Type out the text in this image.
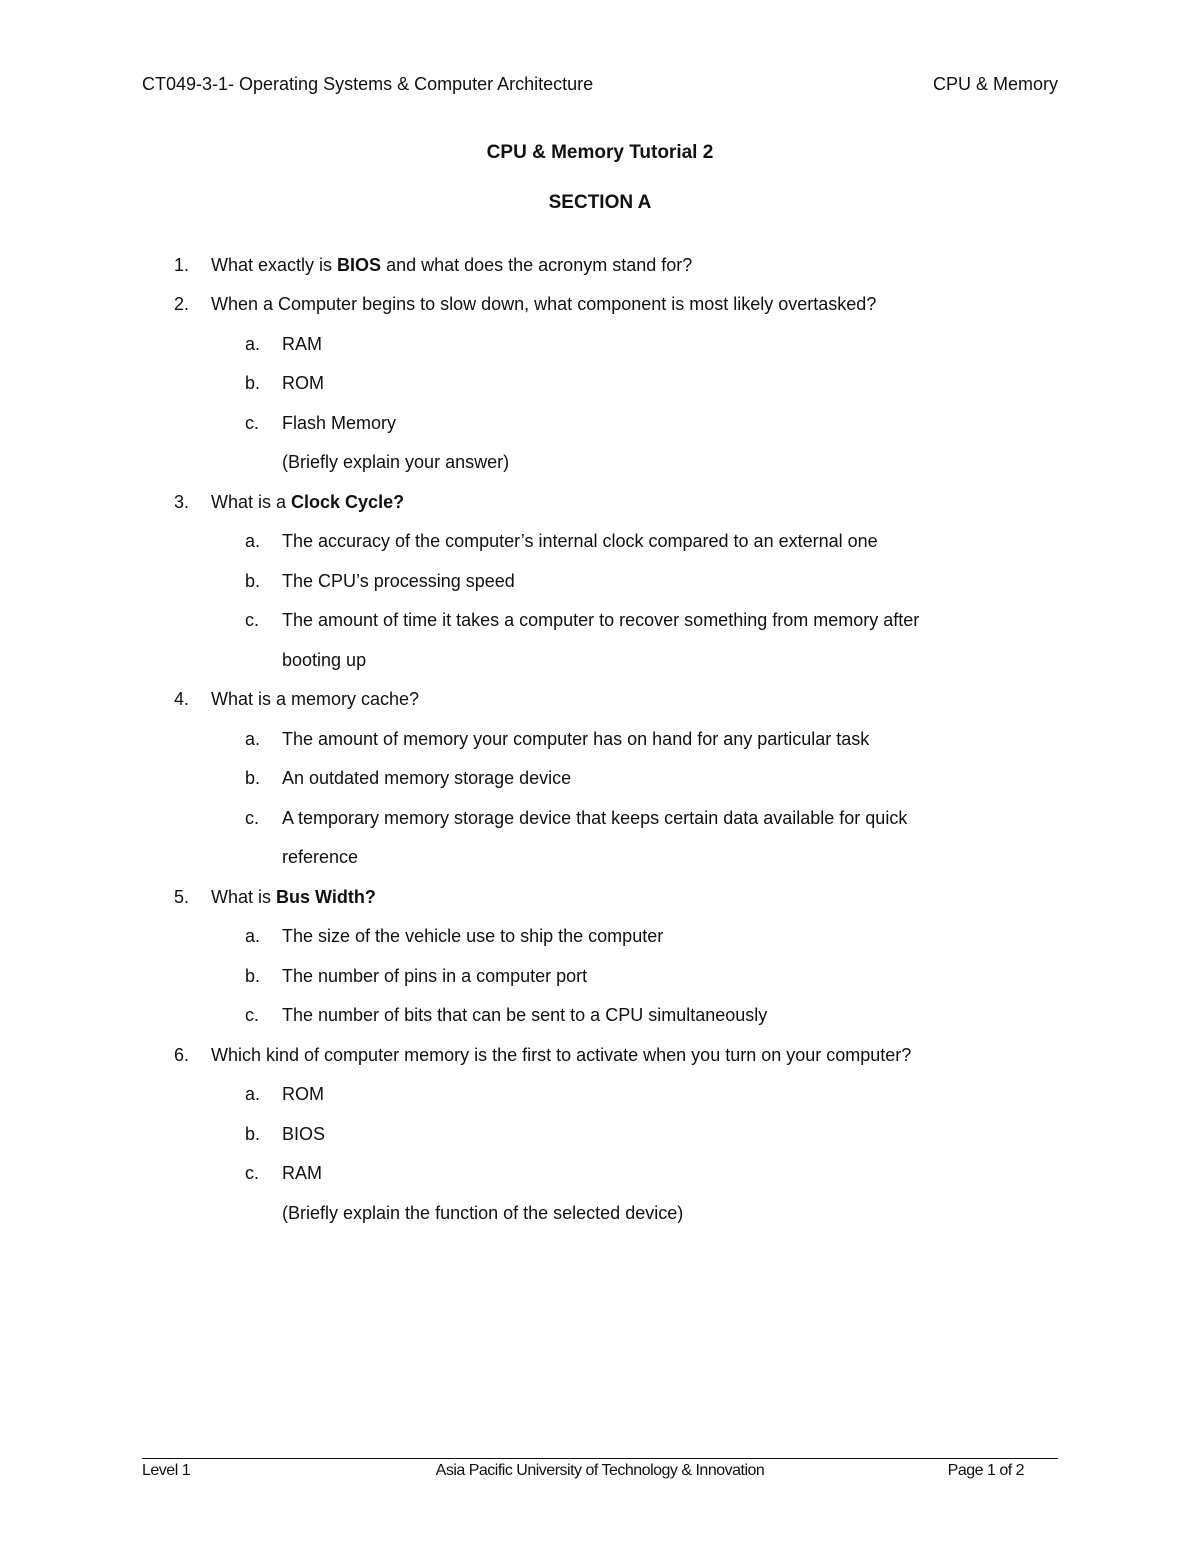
CT049-3-1- Operating Systems & Computer Architecture	CPU & Memory
CPU & Memory Tutorial 2
SECTION A
1. What exactly is BIOS and what does the acronym stand for?
2. When a Computer begins to slow down, what component is most likely overtasked?
a. RAM
b. ROM
c. Flash Memory
(Briefly explain your answer)
3. What is a Clock Cycle?
a. The accuracy of the computer’s internal clock compared to an external one
b. The CPU’s processing speed
c. The amount of time it takes a computer to recover something from memory after
booting up
4. What is a memory cache?
a. The amount of memory your computer has on hand for any particular task
b. An outdated memory storage device
c. A temporary memory storage device that keeps certain data available for quick
reference
5. What is Bus Width?
a. The size of the vehicle use to ship the computer
b. The number of pins in a computer port
c. The number of bits that can be sent to a CPU simultaneously
6. Which kind of computer memory is the first to activate when you turn on your computer?
a. ROM
b. BIOS
c. RAM
(Briefly explain the function of the selected device)
Level 1	Asia Pacific University of Technology & Innovation	Page 1 of 2
